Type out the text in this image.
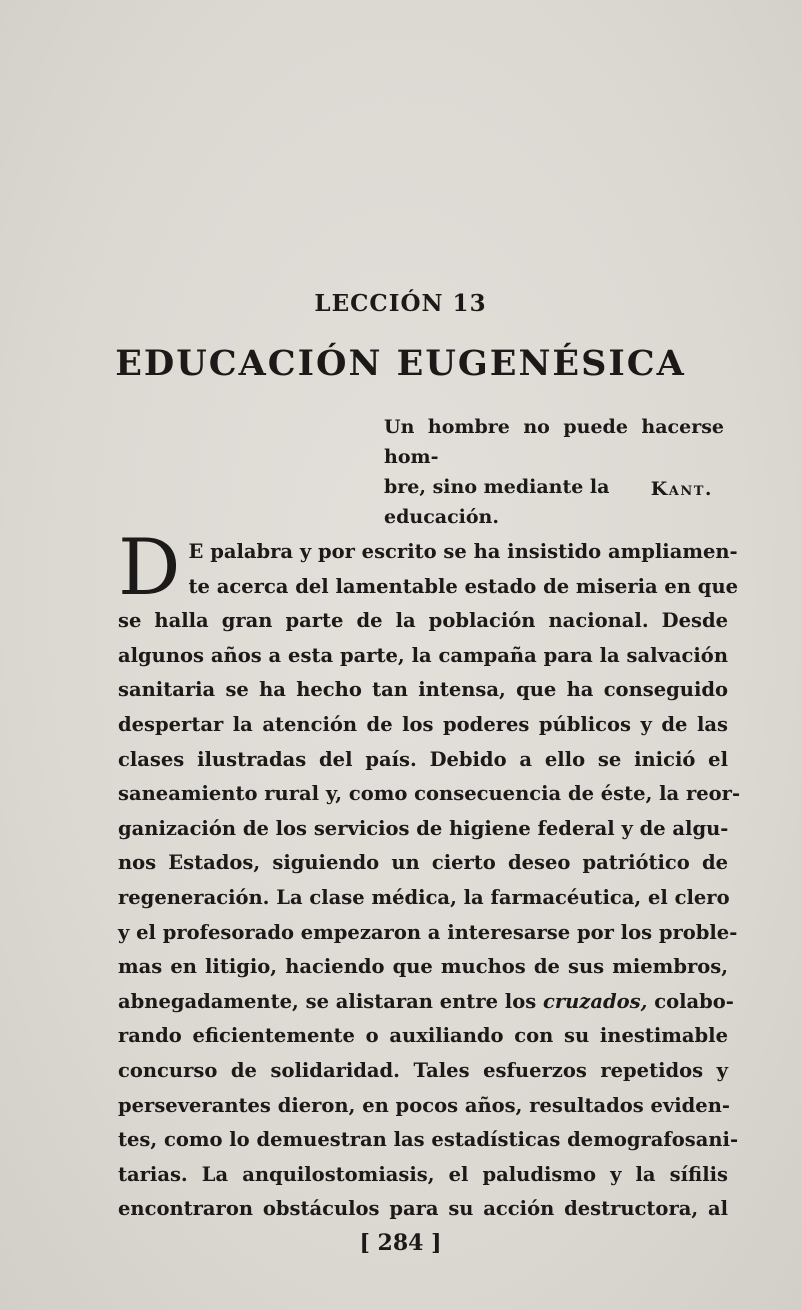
LECCIÓN 13
EDUCACIÓN EUGENÉSICA
Un hombre no puede hacerse hom-
bre, sino mediante la educación.
Kant.
D E palabra y por escrito se ha insistido ampliamen-
te acerca del lamentable estado de miseria en que
se halla gran parte de la población nacional. Desde
algunos años a esta parte, la campaña para la salvación
sanitaria se ha hecho tan intensa, que ha conseguido
despertar la atención de los poderes públicos y de las
clases ilustradas del país. Debido a ello se inició el
saneamiento rural y, como consecuencia de éste, la reor-
ganización de los servicios de higiene federal y de algu-
nos Estados, siguiendo un cierto deseo patriótico de
regeneración. La clase médica, la farmacéutica, el clero
y el profesorado empezaron a interesarse por los proble-
mas en litigio, haciendo que muchos de sus miembros,
abnegadamente, se alistaran entre los cruzados, colabo-
rando eficientemente o auxiliando con su inestimable
concurso de solidaridad. Tales esfuerzos repetidos y
perseverantes dieron, en pocos años, resultados eviden-
tes, como lo demuestran las estadísticas demografosani-
tarias. La anquilostomiasis, el paludismo y la sífilis
encontraron obstáculos para su acción destructora, al
[ 284 ]
